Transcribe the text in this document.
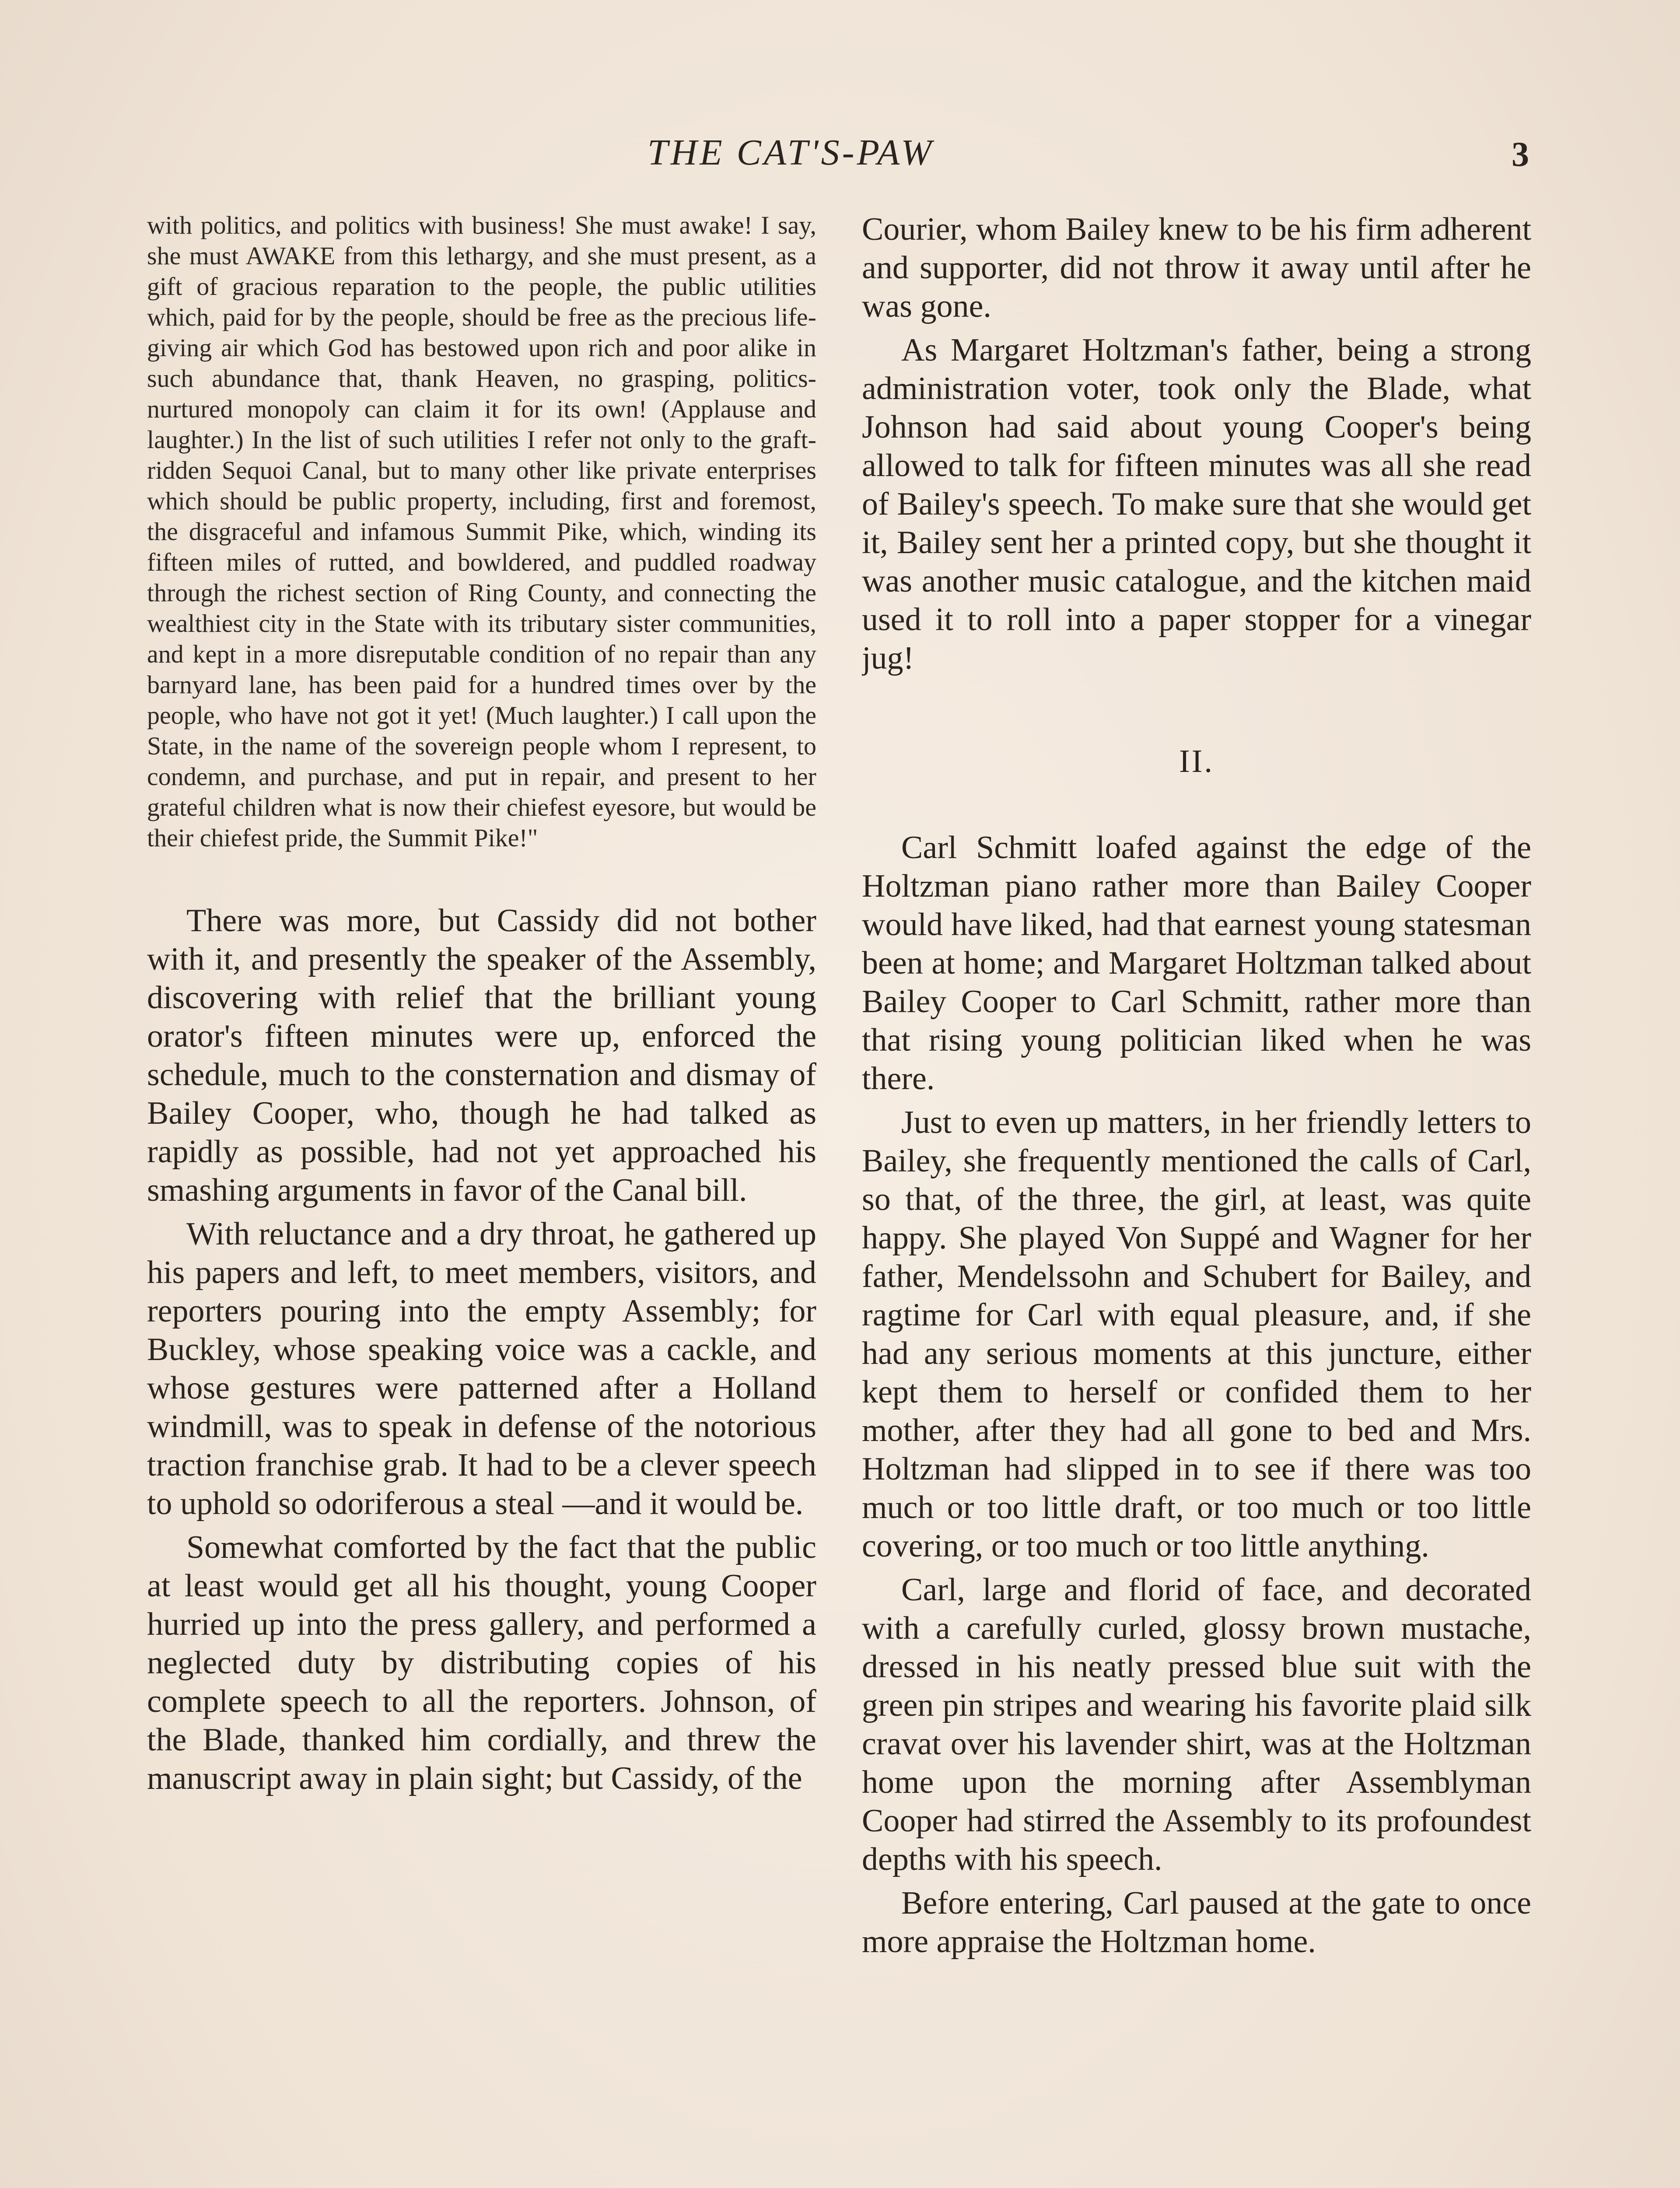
THE CAT'S-PAW	3

with politics, and politics with business! She must awake! I say, she must AWAKE from this lethargy, and she must present, as a gift of gracious reparation to the people, the public utilities which, paid for by the people, should be free as the precious life-giving air which God has bestowed upon rich and poor alike in such abundance that, thank Heaven, no grasping, politics-nurtured monopoly can claim it for its own! (Applause and laughter.) In the list of such utilities I refer not only to the graft-ridden Sequoi Canal, but to many other like private enterprises which should be public property, including, first and foremost, the disgraceful and infamous Summit Pike, which, winding its fifteen miles of rutted, and bowldered, and puddled roadway through the richest section of Ring County, and connecting the wealthiest city in the State with its tributary sister communities, and kept in a more disreputable condition of no repair than any barnyard lane, has been paid for a hundred times over by the people, who have not got it yet! (Much laughter.) I call upon the State, in the name of the sovereign people whom I represent, to condemn, and purchase, and put in repair, and present to her grateful children what is now their chiefest eyesore, but would be their chiefest pride, the Summit Pike!"

There was more, but Cassidy did not bother with it, and presently the speaker of the Assembly, discovering with relief that the brilliant young orator's fifteen minutes were up, enforced the schedule, much to the consternation and dismay of Bailey Cooper, who, though he had talked as rapidly as possible, had not yet approached his smashing arguments in favor of the Canal bill.

With reluctance and a dry throat, he gathered up his papers and left, to meet members, visitors, and reporters pouring into the empty Assembly; for Buckley, whose speaking voice was a cackle, and whose gestures were patterned after a Holland windmill, was to speak in defense of the notorious traction franchise grab. It had to be a clever speech to uphold so odoriferous a steal —and it would be.

Somewhat comforted by the fact that the public at least would get all his thought, young Cooper hurried up into the press gallery, and performed a neglected duty by distributing copies of his complete speech to all the reporters. Johnson, of the Blade, thanked him cordially, and threw the manuscript away in plain sight; but Cassidy, of the

Courier, whom Bailey knew to be his firm adherent and supporter, did not throw it away until after he was gone.

As Margaret Holtzman's father, being a strong administration voter, took only the Blade, what Johnson had said about young Cooper's being allowed to talk for fifteen minutes was all she read of Bailey's speech. To make sure that she would get it, Bailey sent her a printed copy, but she thought it was another music catalogue, and the kitchen maid used it to roll into a paper stopper for a vinegar jug!

II.

Carl Schmitt loafed against the edge of the Holtzman piano rather more than Bailey Cooper would have liked, had that earnest young statesman been at home; and Margaret Holtzman talked about Bailey Cooper to Carl Schmitt, rather more than that rising young politician liked when he was there.

Just to even up matters, in her friendly letters to Bailey, she frequently mentioned the calls of Carl, so that, of the three, the girl, at least, was quite happy. She played Von Suppé and Wagner for her father, Mendelssohn and Schubert for Bailey, and ragtime for Carl with equal pleasure, and, if she had any serious moments at this juncture, either kept them to herself or confided them to her mother, after they had all gone to bed and Mrs. Holtzman had slipped in to see if there was too much or too little draft, or too much or too little covering, or too much or too little anything.

Carl, large and florid of face, and decorated with a carefully curled, glossy brown mustache, dressed in his neatly pressed blue suit with the green pin stripes and wearing his favorite plaid silk cravat over his lavender shirt, was at the Holtzman home upon the morning after Assemblyman Cooper had stirred the Assembly to its profoundest depths with his speech.

Before entering, Carl paused at the gate to once more appraise the Holtzman home.
